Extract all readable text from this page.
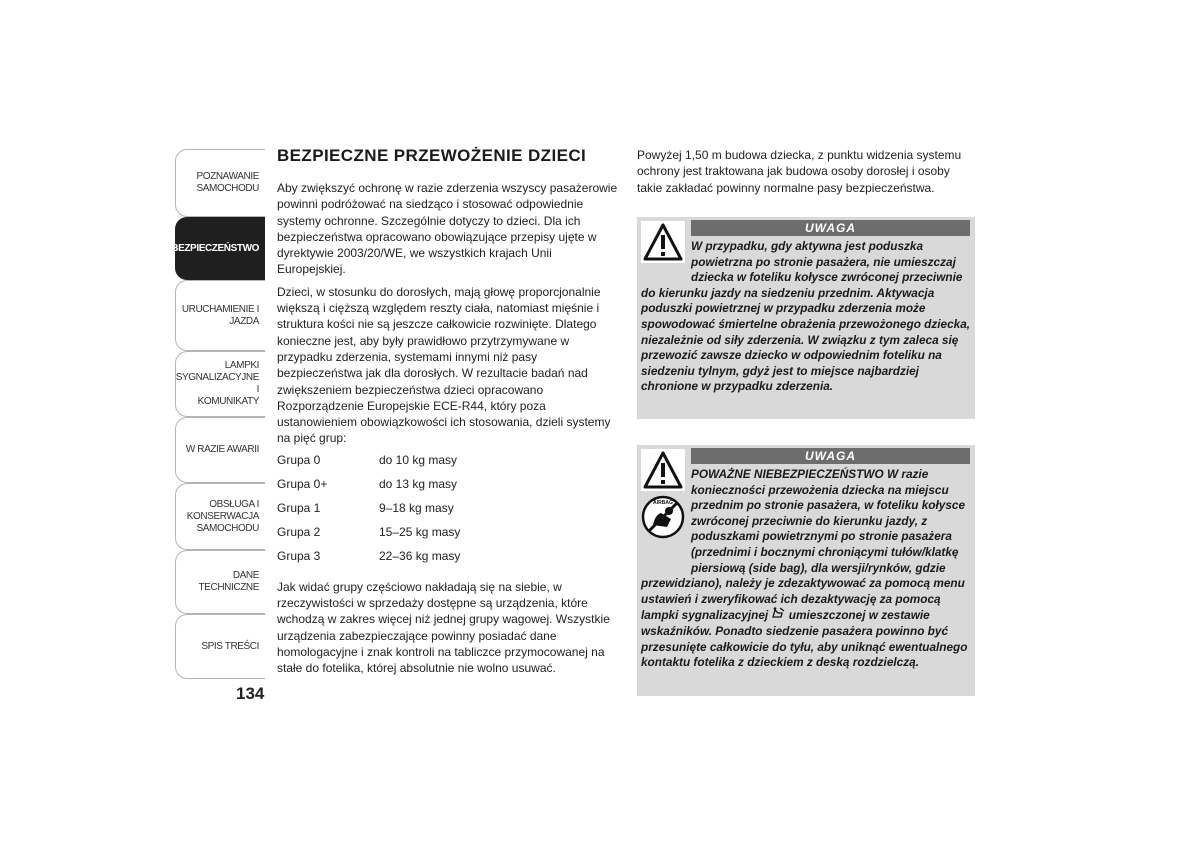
POZNAWANIE
SAMOCHODU
BEZPIECZEŃSTWO
URUCHAMIENIE I
JAZDA
LAMPKI
SYGNALIZACYJNE I
KOMUNIKATY
W RAZIE AWARII
OBSŁUGA I
KONSERWACJA
SAMOCHODU
DANE TECHNICZNE
SPIS TREŚCI
134
BEZPIECZNE PRZEWOŻENIE DZIECI

Aby zwiększyć ochronę w razie zderzenia wszyscy pasażerowie powinni podróżować na siedząco i stosować odpowiednie systemy ochronne. Szczególnie dotyczy to dzieci. Dla ich bezpieczeństwa opracowano obowiązujące przepisy ujęte w dyrektywie 2003/20/WE, we wszystkich krajach Unii Europejskiej.

Dzieci, w stosunku do dorosłych, mają głowę proporcjonalnie większą i cięższą względem reszty ciała, natomiast mięśnie i struktura kości nie są jeszcze całkowicie rozwinięte. Dlatego konieczne jest, aby były prawidłowo przytrzymywane w przypadku zderzenia, systemami innymi niż pasy bezpieczeństwa jak dla dorosłych. W rezultacie badań nad zwiększeniem bezpieczeństwa dzieci opracowano Rozporządzenie Europejskie ECE-R44, który poza ustanowieniem obowiązkowości ich stosowania, dzieli systemy na pięć grup:

Grupa 0	do 10 kg masy
Grupa 0+	do 13 kg masy
Grupa 1	9–18 kg masy
Grupa 2	15–25 kg masy
Grupa 3	22–36 kg masy

Jak widać grupy częściowo nakładają się na siebie, w rzeczywistości w sprzedaży dostępne są urządzenia, które wchodzą w zakres więcej niż jednej grupy wagowej. Wszystkie urządzenia zabezpieczające powinny posiadać dane homologacyjne i znak kontroli na tabliczce przymocowanej na stałe do fotelika, której absolutnie nie wolno usuwać.

Powyżej 1,50 m budowa dziecka, z punktu widzenia systemu ochrony jest traktowana jak budowa osoby dorosłej i osoby takie zakładać powinny normalne pasy bezpieczeństwa.

UWAGA
W przypadku, gdy aktywna jest poduszka powietrzna po stronie pasażera, nie umieszczaj dziecka w foteliku kołysce zwróconej przeciwnie do kierunku jazdy na siedzeniu przednim. Aktywacja poduszki powietrznej w przypadku zderzenia może spowodować śmiertelne obrażenia przewożonego dziecka, niezależnie od siły zderzenia. W związku z tym zaleca się przewozić zawsze dziecko w odpowiednim foteliku na siedzeniu tylnym, gdyż jest to miejsce najbardziej chronione w przypadku zderzenia.
UWAGA
AIRBAG
POWAŻNE NIEBEZPIECZEŃSTWO W razie konieczności przewożenia dziecka na miejscu przednim po stronie pasażera, w foteliku kołysce zwróconej przeciwnie do kierunku jazdy, z poduszkami powietrznymi po stronie pasażera (przednimi i bocznymi chroniącymi tułów/klatkę piersiową (side bag), dla wersji/rynków, gdzie przewidziano), należy je zdezaktywować za pomocą menu ustawień i zweryfikować ich dezaktywację za pomocą lampki sygnalizacyjnej umieszczonej w zestawie wskaźników. Ponadto siedzenie pasażera powinno być przesunięte całkowicie do tyłu, aby uniknąć ewentualnego kontaktu fotelika z dzieckiem z deską rozdzielczą.
